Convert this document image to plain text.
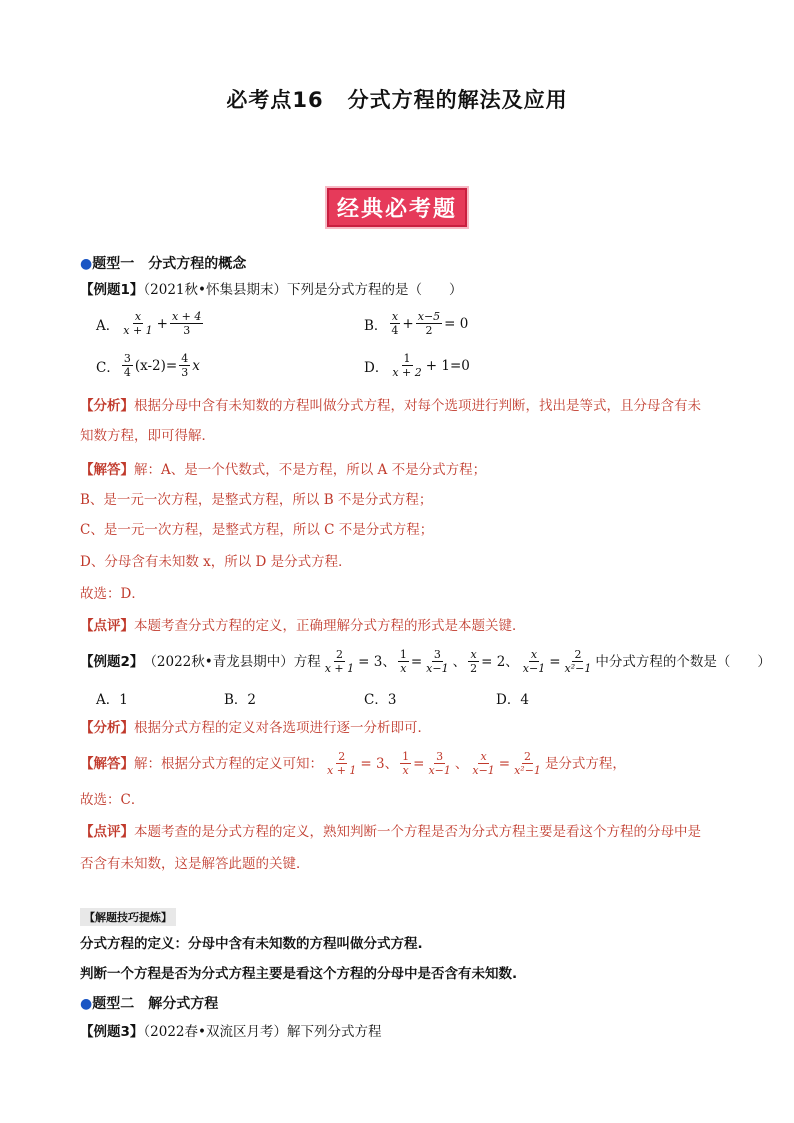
必考点16 分式方程的解法及应用
经典必考题
●题型一　 分式方程的概念
【例题1】（2021秋•怀集县期末）下列是分式方程的是（　　）
A． $\frac{x}{x + 1} + \frac{x + 4}{3}$	B． $\frac{x}{4} + \frac{x-5}{2} = 0$
C． $\frac{3}{4} (x-2) = \frac{4}{3}$ x	D． $\frac{1}{x + 2} + 1=0$
【分析】根据分母中含有未知数的方程叫做分式方程，对每个选项进行判断，找出是等式，且分母含有未
知数方程，即可得解．
【解答】解：A、是一个代数式，不是方程，所以 A 不是分式方程；
B、是一元一次方程，是整式方程，所以 B 不是分式方程；
C、是一元一次方程，是整式方程，所以 C 不是分式方程；
D、分母含有未知数 x，所以 D 是分式方程．
故选：D．
【点评】本题考查分式方程的定义，正确理解分式方程的形式是本题关键．
【例题2】 （2022秋•青龙县期中）方程 $\frac{2}{x + 1} = 3$、 $\frac{1}{x} = \frac{3}{x-1}$ 、 $\frac{x}{2} = 2$、 $\frac{x}{x-1} = \frac{2}{\text{x²−1}}$ 中分式方程的个数是（　　）
A．1	B．2	C．3	D．4
【分析】根据分式方程的定义对各选项进行逐一分析即可．
【解答】 解：根据分式方程的定义可知： $\frac{2}{x + 1} = 3$、 $\frac{1}{x} = \frac{3}{x-1}$ 、 $\frac{x}{x-1} = \frac{2}{\text{x²−1}}$ 是分式方程，
故选：C．
【点评】本题考查的是分式方程的定义，熟知判断一个方程是否为分式方程主要是看这个方程的分母中是
否含有未知数，这是解答此题的关键．
【解题技巧提炼】
分式方程的定义：分母中含有未知数的方程叫做分式方程.
判断一个方程是否为分式方程主要是看这个方程的分母中是否含有未知数.
●题型二　 解分式方程
【例题3】（2022春•双流区月考）解下列分式方程
